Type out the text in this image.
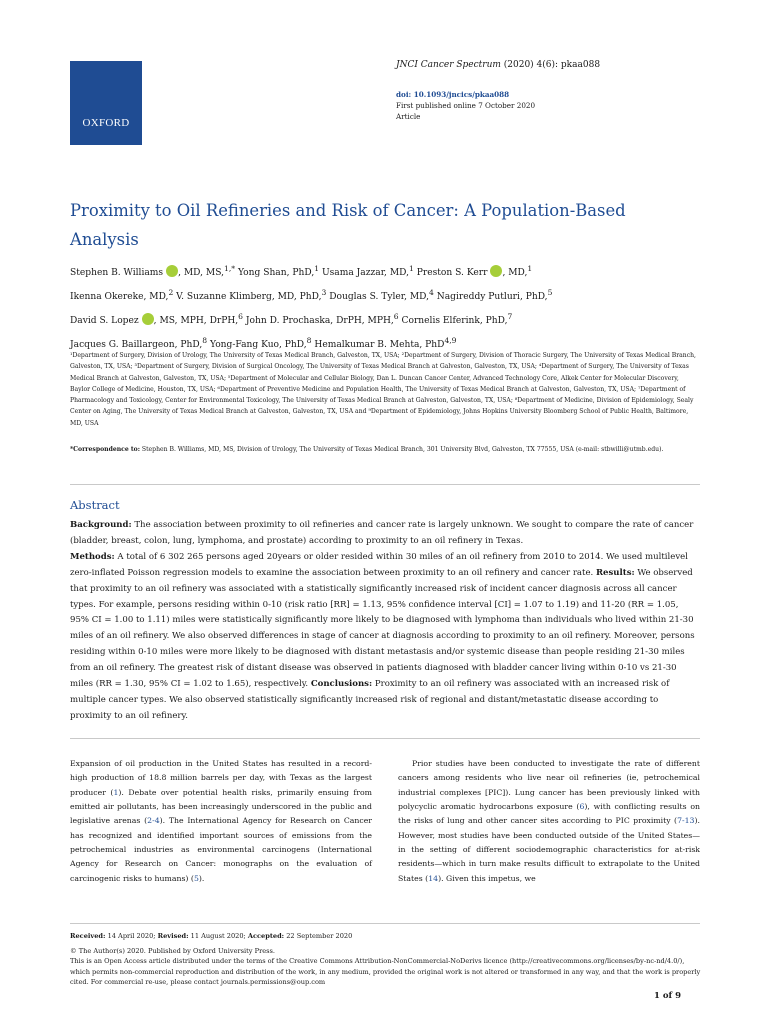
OXFORD
JNCI Cancer Spectrum (2020) 4(6): pkaa088
doi: 10.1093/jncics/pkaa088
First published online 7 October 2020
Article
Proximity to Oil Refineries and Risk of Cancer: A Population-Based Analysis
Stephen B. Williams , MD, MS,$^{1,*}$ Yong Shan, PhD,$^1$ Usama Jazzar, MD,$^1$ Preston S. Kerr , MD,$^1$
Ikenna Okereke, MD,$^2$ V. Suzanne Klimberg, MD, PhD,$^3$ Douglas S. Tyler, MD,$^4$ Nagireddy Putluri, PhD,$^5$
David S. Lopez , MS, MPH, DrPH,$^6$ John D. Prochaska, DrPH, MPH,$^6$ Cornelis Elferink, PhD,$^7$
Jacques G. Baillargeon, PhD,$^8$ Yong-Fang Kuo, PhD,$^8$ Hemalkumar B. Mehta, PhD$^{4,9}$
¹Department of Surgery, Division of Urology, The University of Texas Medical Branch, Galveston, TX, USA; ²Department of Surgery, Division of Thoracic Surgery, The University of Texas Medical Branch, Galveston, TX, USA; ³Department of Surgery, Division of Surgical Oncology, The University of Texas Medical Branch at Galveston, Galveston, TX, USA; ⁴Department of Surgery, The University of Texas Medical Branch at Galveston, Galveston, TX, USA; ⁵Department of Molecular and Cellular Biology, Dan L. Duncan Cancer Center, Advanced Technology Core, Alkek Center for Molecular Discovery, Baylor College of Medicine, Houston, TX, USA; ⁶Department of Preventive Medicine and Population Health, The University of Texas Medical Branch at Galveston, Galveston, TX, USA; ⁷Department of Pharmacology and Toxicology, Center for Environmental Toxicology, The University of Texas Medical Branch at Galveston, Galveston, TX, USA; ⁸Department of Medicine, Division of Epidemiology, Sealy Center on Aging, The University of Texas Medical Branch at Galveston, Galveston, TX, USA and ⁹Department of Epidemiology, Johns Hopkins University Bloomberg School of Public Health, Baltimore, MD, USA
*Correspondence to: Stephen B. Williams, MD, MS, Division of Urology, The University of Texas Medical Branch, 301 University Blvd, Galveston, TX 77555, USA (e-mail: stbwilli@utmb.edu).
Abstract
Background: The association between proximity to oil refineries and cancer rate is largely unknown. We sought to compare the rate of cancer (bladder, breast, colon, lung, lymphoma, and prostate) according to proximity to an oil refinery in Texas.
Methods: A total of 6 302 265 persons aged 20years or older resided within 30 miles of an oil refinery from 2010 to 2014. We used multilevel zero-inflated Poisson regression models to examine the association between proximity to an oil refinery and cancer rate. Results: We observed that proximity to an oil refinery was associated with a statistically significantly increased risk of incident cancer diagnosis across all cancer types. For example, persons residing within 0-10 (risk ratio [RR] = 1.13, 95% confidence interval [CI] = 1.07 to 1.19) and 11-20 (RR = 1.05, 95% CI = 1.00 to 1.11) miles were statistically significantly more likely to be diagnosed with lymphoma than individuals who lived within 21-30 miles of an oil refinery. We also observed differences in stage of cancer at diagnosis according to proximity to an oil refinery. Moreover, persons residing within 0-10 miles were more likely to be diagnosed with distant metastasis and/or systemic disease than people residing 21-30 miles from an oil refinery. The greatest risk of distant disease was observed in patients diagnosed with bladder cancer living within 0-10 vs 21-30 miles (RR = 1.30, 95% CI = 1.02 to 1.65), respectively. Conclusions: Proximity to an oil refinery was associated with an increased risk of multiple cancer types. We also observed statistically significantly increased risk of regional and distant/metastatic disease according to proximity to an oil refinery.

Expansion of oil production in the United States has resulted in a record-high production of 18.8 million barrels per day, with Texas as the largest producer (1). Debate over potential health risks, primarily ensuing from emitted air pollutants, has been increasingly underscored in the public and legislative arenas (2-4). The International Agency for Research on Cancer has recognized and identified important sources of emissions from the petrochemical industries as environmental carcinogens (International Agency for Research on Cancer: monographs on the evaluation of carcinogenic risks to humans) (5).

Prior studies have been conducted to investigate the rate of different cancers among residents who live near oil refineries (ie, petrochemical industrial complexes [PIC]). Lung cancer has been previously linked with polycyclic aromatic hydrocarbons exposure (6), with conflicting results on the risks of lung and other cancer sites according to PIC proximity (7-13). However, most studies have been conducted outside of the United States—in the setting of different sociodemographic characteristics for at-risk residents—which in turn make results difficult to extrapolate to the United States (14). Given this impetus, we

Received: 14 April 2020; Revised: 11 August 2020; Accepted: 22 September 2020
© The Author(s) 2020. Published by Oxford University Press.
This is an Open Access article distributed under the terms of the Creative Commons Attribution-NonCommercial-NoDerivs licence (http://creativecommons.org/licenses/by-nc-nd/4.0/), which permits non-commercial reproduction and distribution of the work, in any medium, provided the original work is not altered or transformed in any way, and that the work is properly cited. For commercial re-use, please contact journals.permissions@oup.com
1 of 9
